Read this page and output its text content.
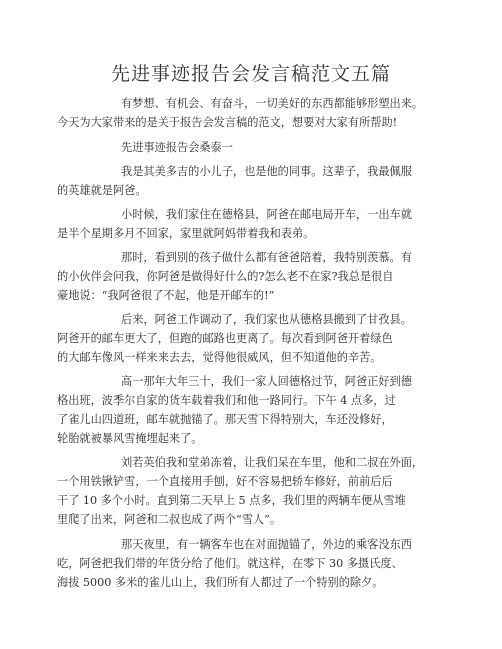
先进事迹报告会发言稿范文五篇
有梦想、有机会、有奋斗，一切美好的东西都能够形塑出来。
今天为大家带来的是关于报告会发言稿的范文，想要对大家有所帮助!
先进事迹报告会桑泰一
我是其美多吉的小儿子，也是他的同事。这辈子，我最佩服
的英雄就是阿爸。
小时候，我们家住在德格县，阿爸在邮电局开车，一出车就
是半个星期多月不回家，家里就阿妈带着我和表弟。
那时，看到别的孩子做什么都有爸爸陪着，我特别羡慕。有
的小伙伴会问我，你阿爸是做得好什么的?怎么老不在家?我总是很自
豪地说：“我阿爸很了不起，他是开邮车的!”
后来，阿爸工作调动了，我们家也从德格县搬到了甘孜县。
阿爸开的邮车更大了，但跑的邮路也更离了。每次看到阿爸开着绿色
的大邮车像风一样来来去去，觉得他很威风，但不知道他的辛苦。
高一那年大年三十，我们一家人回德格过节，阿爸正好到德
格出班，波季尔自家的货车载着我们和他一路同行。下午 4 点多，过
了雀儿山四道班，邮车就抛锚了。那天雪下得特别大，车还没修好，
轮胎就被暴风雪掩埋起来了。
刘若英伯我和堂弟冻着，让我们呆在车里，他和二叔在外面，
一个用铁锹铲雪，一个直接用手刨，好不容易把轿车修好，前前后后
干了 10 多个小时。直到第二天早上 5 点多，我们里的两辆车便从雪堆
里爬了出来，阿爸和二叔也成了两个“雪人”。
那天夜里，有一辆客车也在对面抛锚了，外边的乘客没东西
吃，阿爸把我们带的年货分给了他们。就这样，在零下 30 多摄氏度、
海拔 5000 多米的雀儿山上，我们所有人都过了一个特别的除夕。
